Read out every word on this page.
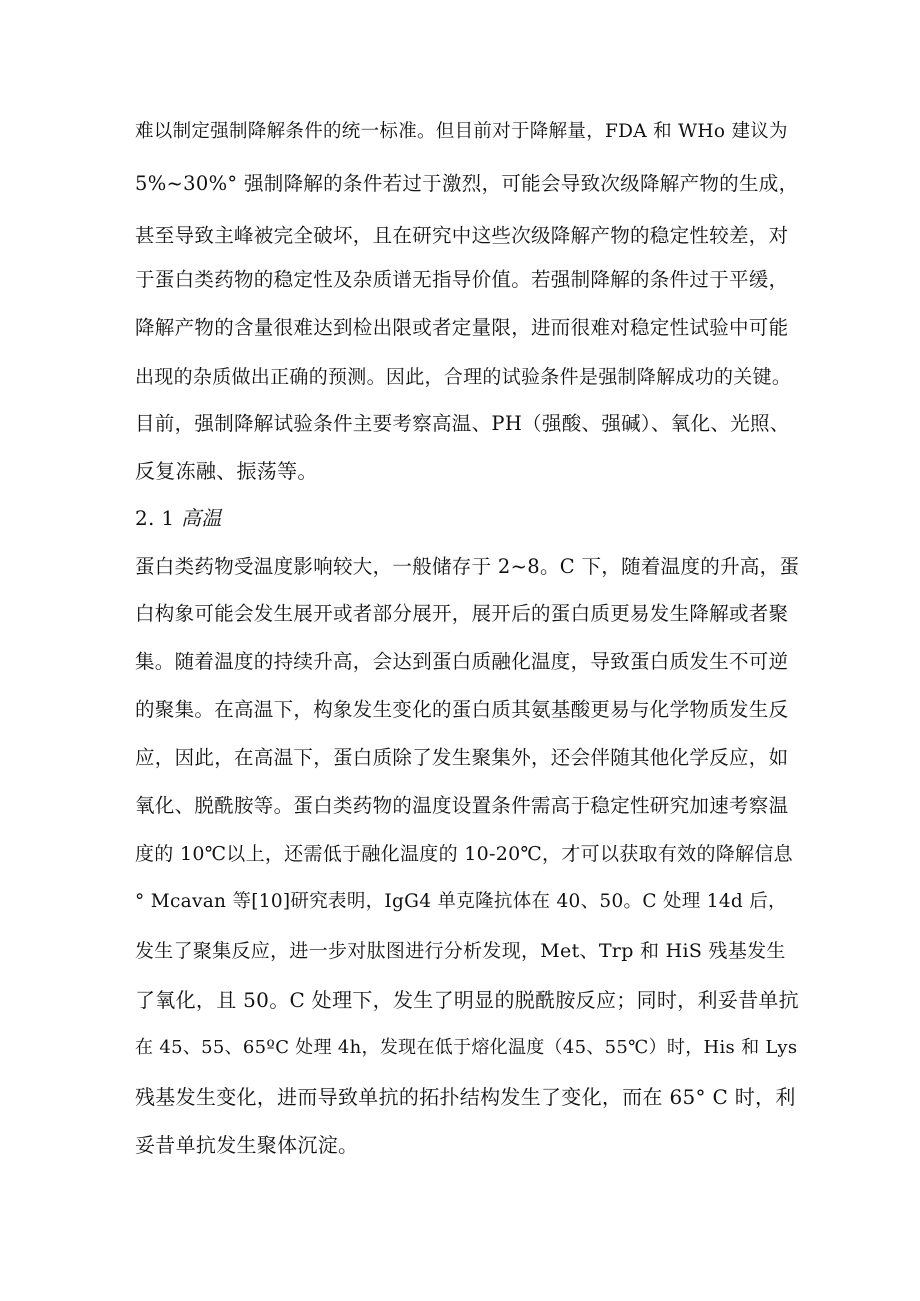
难以制定强制降解条件的统一标准。但目前对于降解量，FDA 和 WHo 建议为
5%~30%° 强制降解的条件若过于激烈，可能会导致次级降解产物的生成，
甚至导致主峰被完全破坏，且在研究中这些次级降解产物的稳定性较差，对
于蛋白类药物的稳定性及杂质谱无指导价值。若强制降解的条件过于平缓，
降解产物的含量很难达到检出限或者定量限，进而很难对稳定性试验中可能
出现的杂质做出正确的预测。因此，合理的试验条件是强制降解成功的关键。
目前，强制降解试验条件主要考察高温、PH（强酸、强碱）、氧化、光照、
反复冻融、振荡等。
2. 1 高温
蛋白类药物受温度影响较大，一般储存于 2~8。C 下，随着温度的升高，蛋
白构象可能会发生展开或者部分展开，展开后的蛋白质更易发生降解或者聚
集。随着温度的持续升高，会达到蛋白质融化温度，导致蛋白质发生不可逆
的聚集。在高温下，构象发生变化的蛋白质其氨基酸更易与化学物质发生反
应，因此，在高温下，蛋白质除了发生聚集外，还会伴随其他化学反应，如
氧化、脱酰胺等。蛋白类药物的温度设置条件需高于稳定性研究加速考察温
度的 10℃以上，还需低于融化温度的 10-20℃，才可以获取有效的降解信息
° Mcavan 等[10]研究表明，IgG4 单克隆抗体在 40、50。C 处理 14d 后，
发生了聚集反应，进一步对肽图进行分析发现，Met、Trp 和 HiS 残基发生
了氧化，且 50。C 处理下，发生了明显的脱酰胺反应；同时，利妥昔单抗
在 45、55、65ºC 处理 4h，发现在低于熔化温度（45、55℃）时，His 和 Lys
残基发生变化，进而导致单抗的拓扑结构发生了变化，而在 65° C 时，利
妥昔单抗发生聚体沉淀。
